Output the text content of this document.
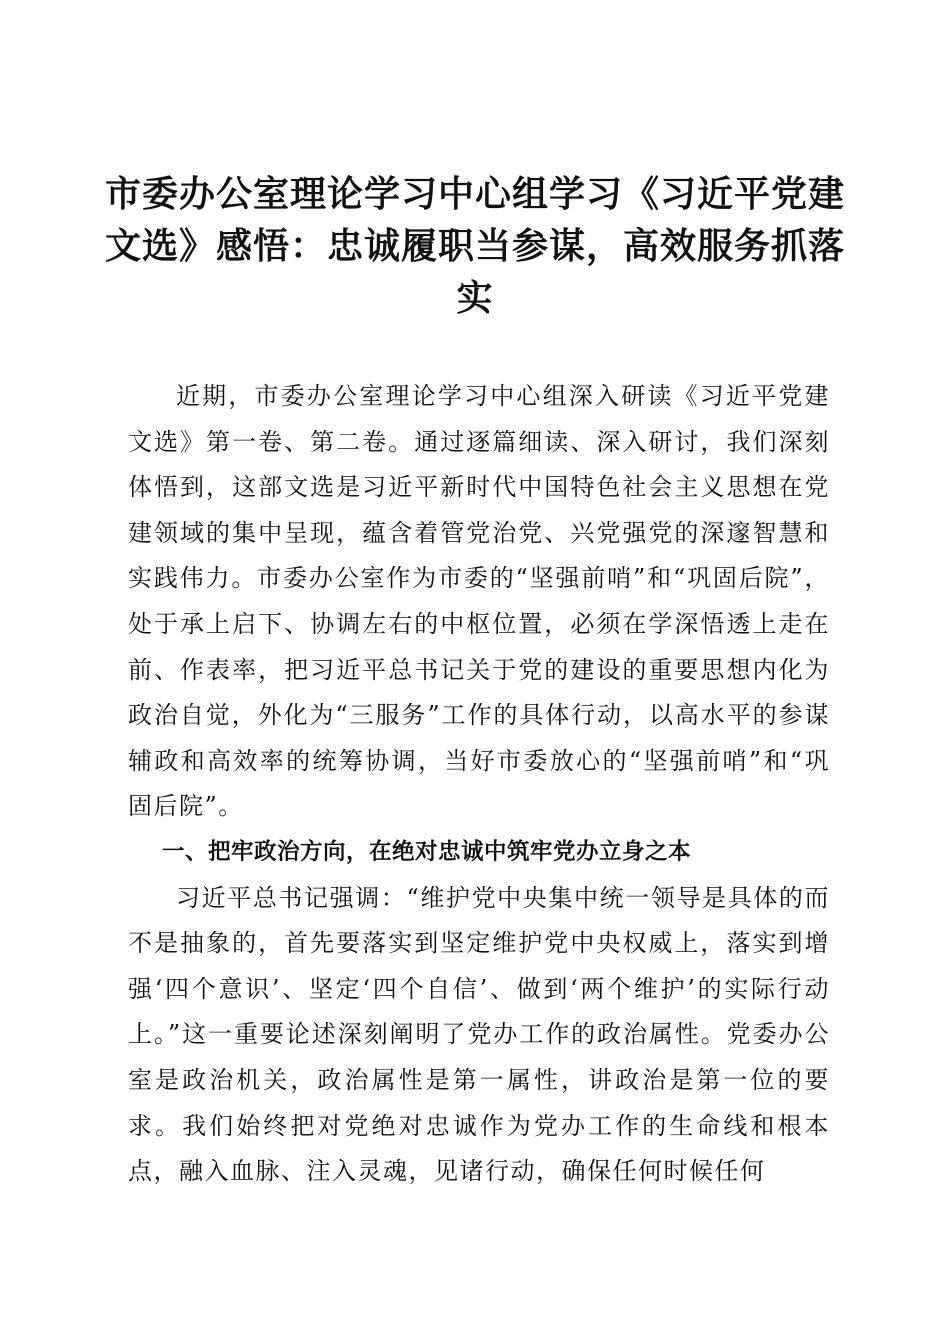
市委办公室理论学习中心组学习《习近平党建
文选》感悟：忠诚履职当参谋，高效服务抓落
实

近期，市委办公室理论学习中心组深入研读《习近平党建文选》第一卷、第二卷。通过逐篇细读、深入研讨，我们深刻体悟到，这部文选是习近平新时代中国特色社会主义思想在党建领域的集中呈现，蕴含着管党治党、兴党强党的深邃智慧和实践伟力。市委办公室作为市委的“坚强前哨”和“巩固后院”，处于承上启下、协调左右的中枢位置，必须在学深悟透上走在前、作表率，把习近平总书记关于党的建设的重要思想内化为政治自觉，外化为“三服务”工作的具体行动，以高水平的参谋辅政和高效率的统筹协调，当好市委放心的“坚强前哨”和“巩固后院”。

一、把牢政治方向，在绝对忠诚中筑牢党办立身之本

习近平总书记强调：“维护党中央集中统一领导是具体的而不是抽象的，首先要落实到坚定维护党中央权威上，落实到增强‘四个意识’、坚定‘四个自信’、做到‘两个维护’的实际行动上。”这一重要论述深刻阐明了党办工作的政治属性。党委办公室是政治机关，政治属性是第一属性，讲政治是第一位的要求。我们始终把对党绝对忠诚作为党办工作的生命线和根本点，融入血脉、注入灵魂，见诸行动，确保任何时候任何
